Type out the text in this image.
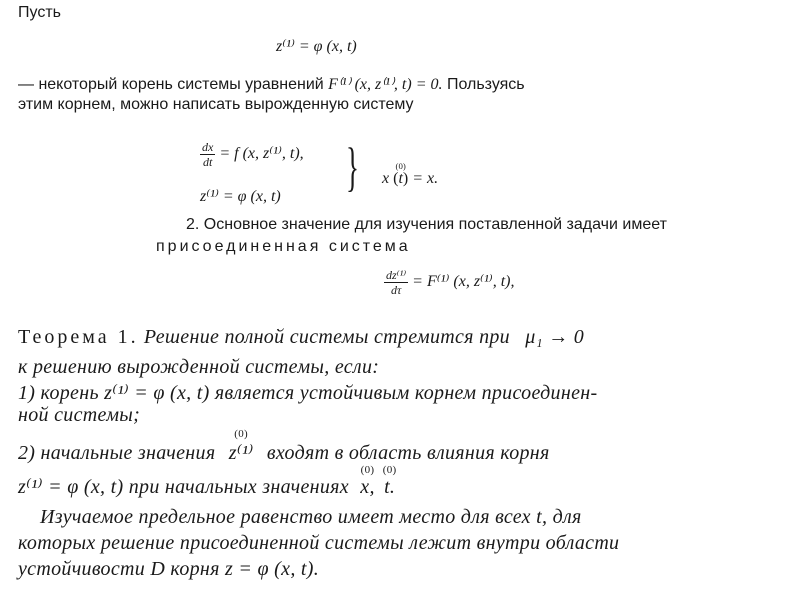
Пусть
z⁽¹⁾ = φ (x, t)
— некоторый корень системы уравнений F⁽¹⁾ (x, z⁽¹⁾, t) = 0. Пользуясь
этим корнем, можно написать вырожденную систему
$\frac{dx}{dt} = f$ (x, z⁽¹⁾, t),
z⁽¹⁾ = φ (x, t) } x
(0)
(t) = x.
2. Основное значение для изучения поставленной задачи имеет
присоединенная система
$\frac{\text{dz⁽¹⁾}}{d\tau} = F^{(1)}$ (x, z⁽¹⁾, t),
Теорема 1. Решение полной системы стремится при μ₁ → 0
к решению вырожденной системы, если:
1) корень z⁽¹⁾ = φ (x, t) является устойчивым корнем присоединен-
ной системы;
2) начальные значения
(0)
z⁽¹⁾ входят в область влияния корня
z⁽¹⁾ = φ (x, t) при начальных значениях
(0)
x,
(0)
t.
Изучаемое предельное равенство имеет место для всех t, для
которых решение присоединенной системы лежит внутри области
устойчивости D корня z = φ (x, t).
